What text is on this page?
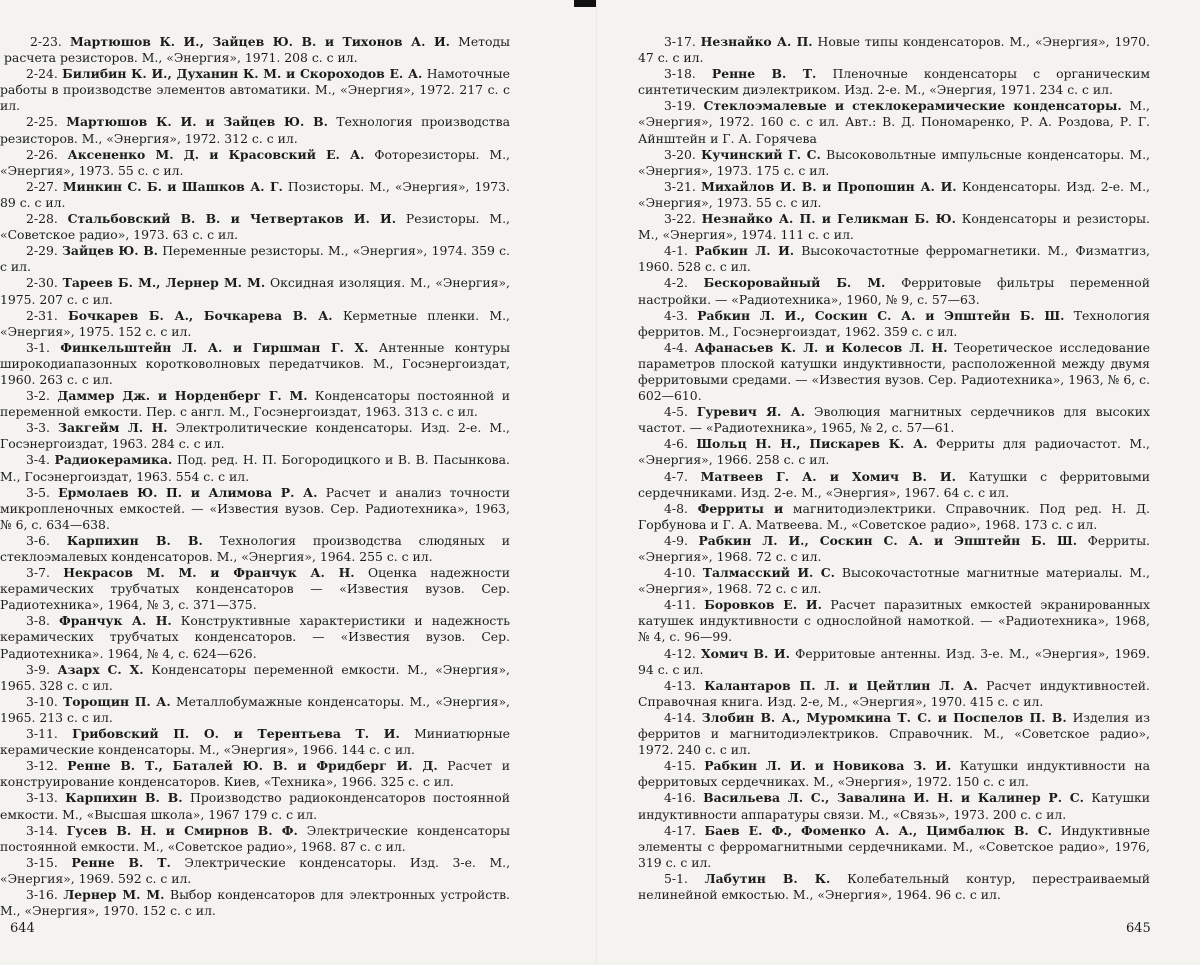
2-23. Мартюшов К. И., Зайцев Ю. В. и Тихонов А. И. Методы расчета резисторов. М., «Энергия», 1971. 208 с. с ил.

2-24. Билибин К. И., Духанин К. М. и Скороходов Е. А. Намоточные работы в производстве элементов автоматики. М., «Энергия», 1972. 217 с. с ил.

2-25. Мартюшов К. И. и Зайцев Ю. В. Технология производства резисторов. М., «Энергия», 1972. 312 с. с ил.

2-26. Аксененко М. Д. и Красовский Е. А. Фоторезисторы. М., «Энергия», 1973. 55 с. с ил.

2-27. Минкин С. Б. и Шашков А. Г. Позисторы. М., «Энергия», 1973. 89 с. с ил.

2-28. Стальбовский В. В. и Четвертаков И. И. Резисторы. М., «Советское радио», 1973. 63 с. с ил.

2-29. Зайцев Ю. В. Переменные резисторы. М., «Энергия», 1974. 359 с. с ил.

2-30. Тареев Б. М., Лернер М. М. Оксидная изоляция. М., «Энергия», 1975. 207 с. с ил.

2-31. Бочкарев Б. А., Бочкарева В. А. Керметные пленки. М., «Энергия», 1975. 152 с. с ил.

3-1. Финкельштейн Л. А. и Гиршман Г. Х. Антенные контуры широкодиапазонных коротковолновых передатчиков. М., Госэнергоиздат, 1960. 263 с. с ил.

3-2. Даммер Дж. и Норденберг Г. М. Конденсаторы постоянной и переменной емкости. Пер. с англ. М., Госэнергоиздат, 1963. 313 с. с ил.

3-3. Закгейм Л. Н. Электролитические конденсаторы. Изд. 2-е. М., Госэнергоиздат, 1963. 284 с. с ил.

3-4. Радиокерамика. Под. ред. Н. П. Богородицкого и В. В. Пасынкова. М., Госэнергоиздат, 1963. 554 с. с ил.

3-5. Ермолаев Ю. П. и Алимова Р. А. Расчет и анализ точности микропленочных емкостей. — «Известия вузов. Сер. Радиотехника», 1963, № 6, с. 634—638.

3-6. Карпихин В. В. Технология производства слюдяных и стеклоэмалевых конденсаторов. М., «Энергия», 1964. 255 с. с ил.

3-7. Некрасов М. М. и Франчук А. Н. Оценка надежности керамических трубчатых конденсаторов — «Известия вузов. Сер. Радиотехника», 1964, № 3, с. 371—375.

3-8. Франчук А. Н. Конструктивные характеристики и надежность керамических трубчатых конденсаторов. — «Известия вузов. Сер. Радиотехника». 1964, № 4, с. 624—626.

3-9. Азарх С. Х. Конденсаторы переменной емкости. М., «Энергия», 1965. 328 с. с ил.

3-10. Торощин П. А. Металлобумажные конденсаторы. М., «Энергия», 1965. 213 с. с ил.

3-11. Грибовский П. О. и Терентьева Т. И. Миниатюрные керамические конденсаторы. М., «Энергия», 1966. 144 с. с ил.

3-12. Ренне В. Т., Баталей Ю. В. и Фридберг И. Д. Расчет и конструирование конденсаторов. Киев, «Техника», 1966. 325 с. с ил.

3-13. Карпихин В. В. Производство радиоконденсаторов постоянной емкости. М., «Высшая школа», 1967 179 с. с ил.

3-14. Гусев В. Н. и Смирнов В. Ф. Электрические конденсаторы постоянной емкости. М., «Советское радио», 1968. 87 с. с ил.

3-15. Ренне В. Т. Электрические конденсаторы. Изд. 3-е. М., «Энергия», 1969. 592 с. с ил.

3-16. Лернер М. М. Выбор конденсаторов для электронных устройств. М., «Энергия», 1970. 152 с. с ил.

3-17. Незнайко А. П. Новые типы конденсаторов. М., «Энергия», 1970. 47 с. с ил.

3-18. Ренне В. Т. Пленочные конденсаторы с органическим синтетическим диэлектриком. Изд. 2-е. М., «Энергия, 1971. 234 с. с ил.

3-19. Стеклоэмалевые и стеклокерамические конденсаторы. М., «Энергия», 1972. 160 с. с ил. Авт.: В. Д. Пономаренко, Р. А. Роздова, Р. Г. Айнштейн и Г. А. Горячева

3-20. Кучинский Г. С. Высоковольтные импульсные конденсаторы. М., «Энергия», 1973. 175 с. с ил.

3-21. Михайлов И. В. и Пропошин А. И. Конденсаторы. Изд. 2-е. М., «Энергия», 1973. 55 с. с ил.

3-22. Незнайко А. П. и Геликман Б. Ю. Конденсаторы и резисторы. М., «Энергия», 1974. 111 с. с ил.

4-1. Рабкин Л. И. Высокочастотные ферромагнетики. М., Физматгиз, 1960. 528 с. с ил.

4-2. Бескоровайный Б. М. Ферритовые фильтры переменной настройки. — «Радиотехника», 1960, № 9, с. 57—63.

4-3. Рабкин Л. И., Соскин С. А. и Эпштейн Б. Ш. Технология ферритов. М., Госэнергоиздат, 1962. 359 с. с ил.

4-4. Афанасьев К. Л. и Колесов Л. Н. Теоретическое исследование параметров плоской катушки индуктивности, расположенной между двумя ферритовыми средами. — «Известия вузов. Сер. Радиотехника», 1963, № 6, с. 602—610.

4-5. Гуревич Я. А. Эволюция магнитных сердечников для высоких частот. — «Радиотехника», 1965, № 2, с. 57—61.

4-6. Шольц Н. Н., Пискарев К. А. Ферриты для радиочастот. М., «Энергия», 1966. 258 с. с ил.

4-7. Матвеев Г. А. и Хомич В. И. Катушки с ферритовыми сердечниками. Изд. 2-е. М., «Энергия», 1967. 64 с. с ил.

4-8. Ферриты и магнитодиэлектрики. Справочник. Под ред. Н. Д. Горбунова и Г. А. Матвеева. М., «Советское радио», 1968. 173 с. с ил.

4-9. Рабкин Л. И., Соскин С. А. и Эпштейн Б. Ш. Ферриты. «Энергия», 1968. 72 с. с ил.

4-10. Талмасский И. С. Высокочастотные магнитные материалы. М., «Энергия», 1968. 72 с. с ил.

4-11. Боровков Е. И. Расчет паразитных емкостей экранированных катушек индуктивности с однослойной намоткой. — «Радиотехника», 1968, № 4, с. 96—99.

4-12. Хомич В. И. Ферритовые антенны. Изд. 3-е. М., «Энергия», 1969. 94 с. с ил.

4-13. Калантаров П. Л. и Цейтлин Л. А. Расчет индуктивностей. Справочная книга. Изд. 2-е, М., «Энергия», 1970. 415 с. с ил.

4-14. Злобин В. А., Муромкина Т. С. и Поспелов П. В. Изделия из ферритов и магнитодиэлектриков. Справочник. М., «Советское радио», 1972. 240 с. с ил.

4-15. Рабкин Л. И. и Новикова З. И. Катушки индуктивности на ферритовых сердечниках. М., «Энергия», 1972. 150 с. с ил.

4-16. Васильева Л. С., Завалина И. Н. и Калинер Р. С. Катушки индуктивности аппаратуры связи. М., «Связь», 1973. 200 с. с ил.

4-17. Баев Е. Ф., Фоменко А. А., Цимбалюк В. С. Индуктивные элементы с ферромагнитными сердечниками. М., «Советское радио», 1976, 319 с. с ил.

5-1. Лабутин В. К. Колебательный контур, перестраиваемый нелинейной емкостью. М., «Энергия», 1964. 96 с. с ил.

644	645
